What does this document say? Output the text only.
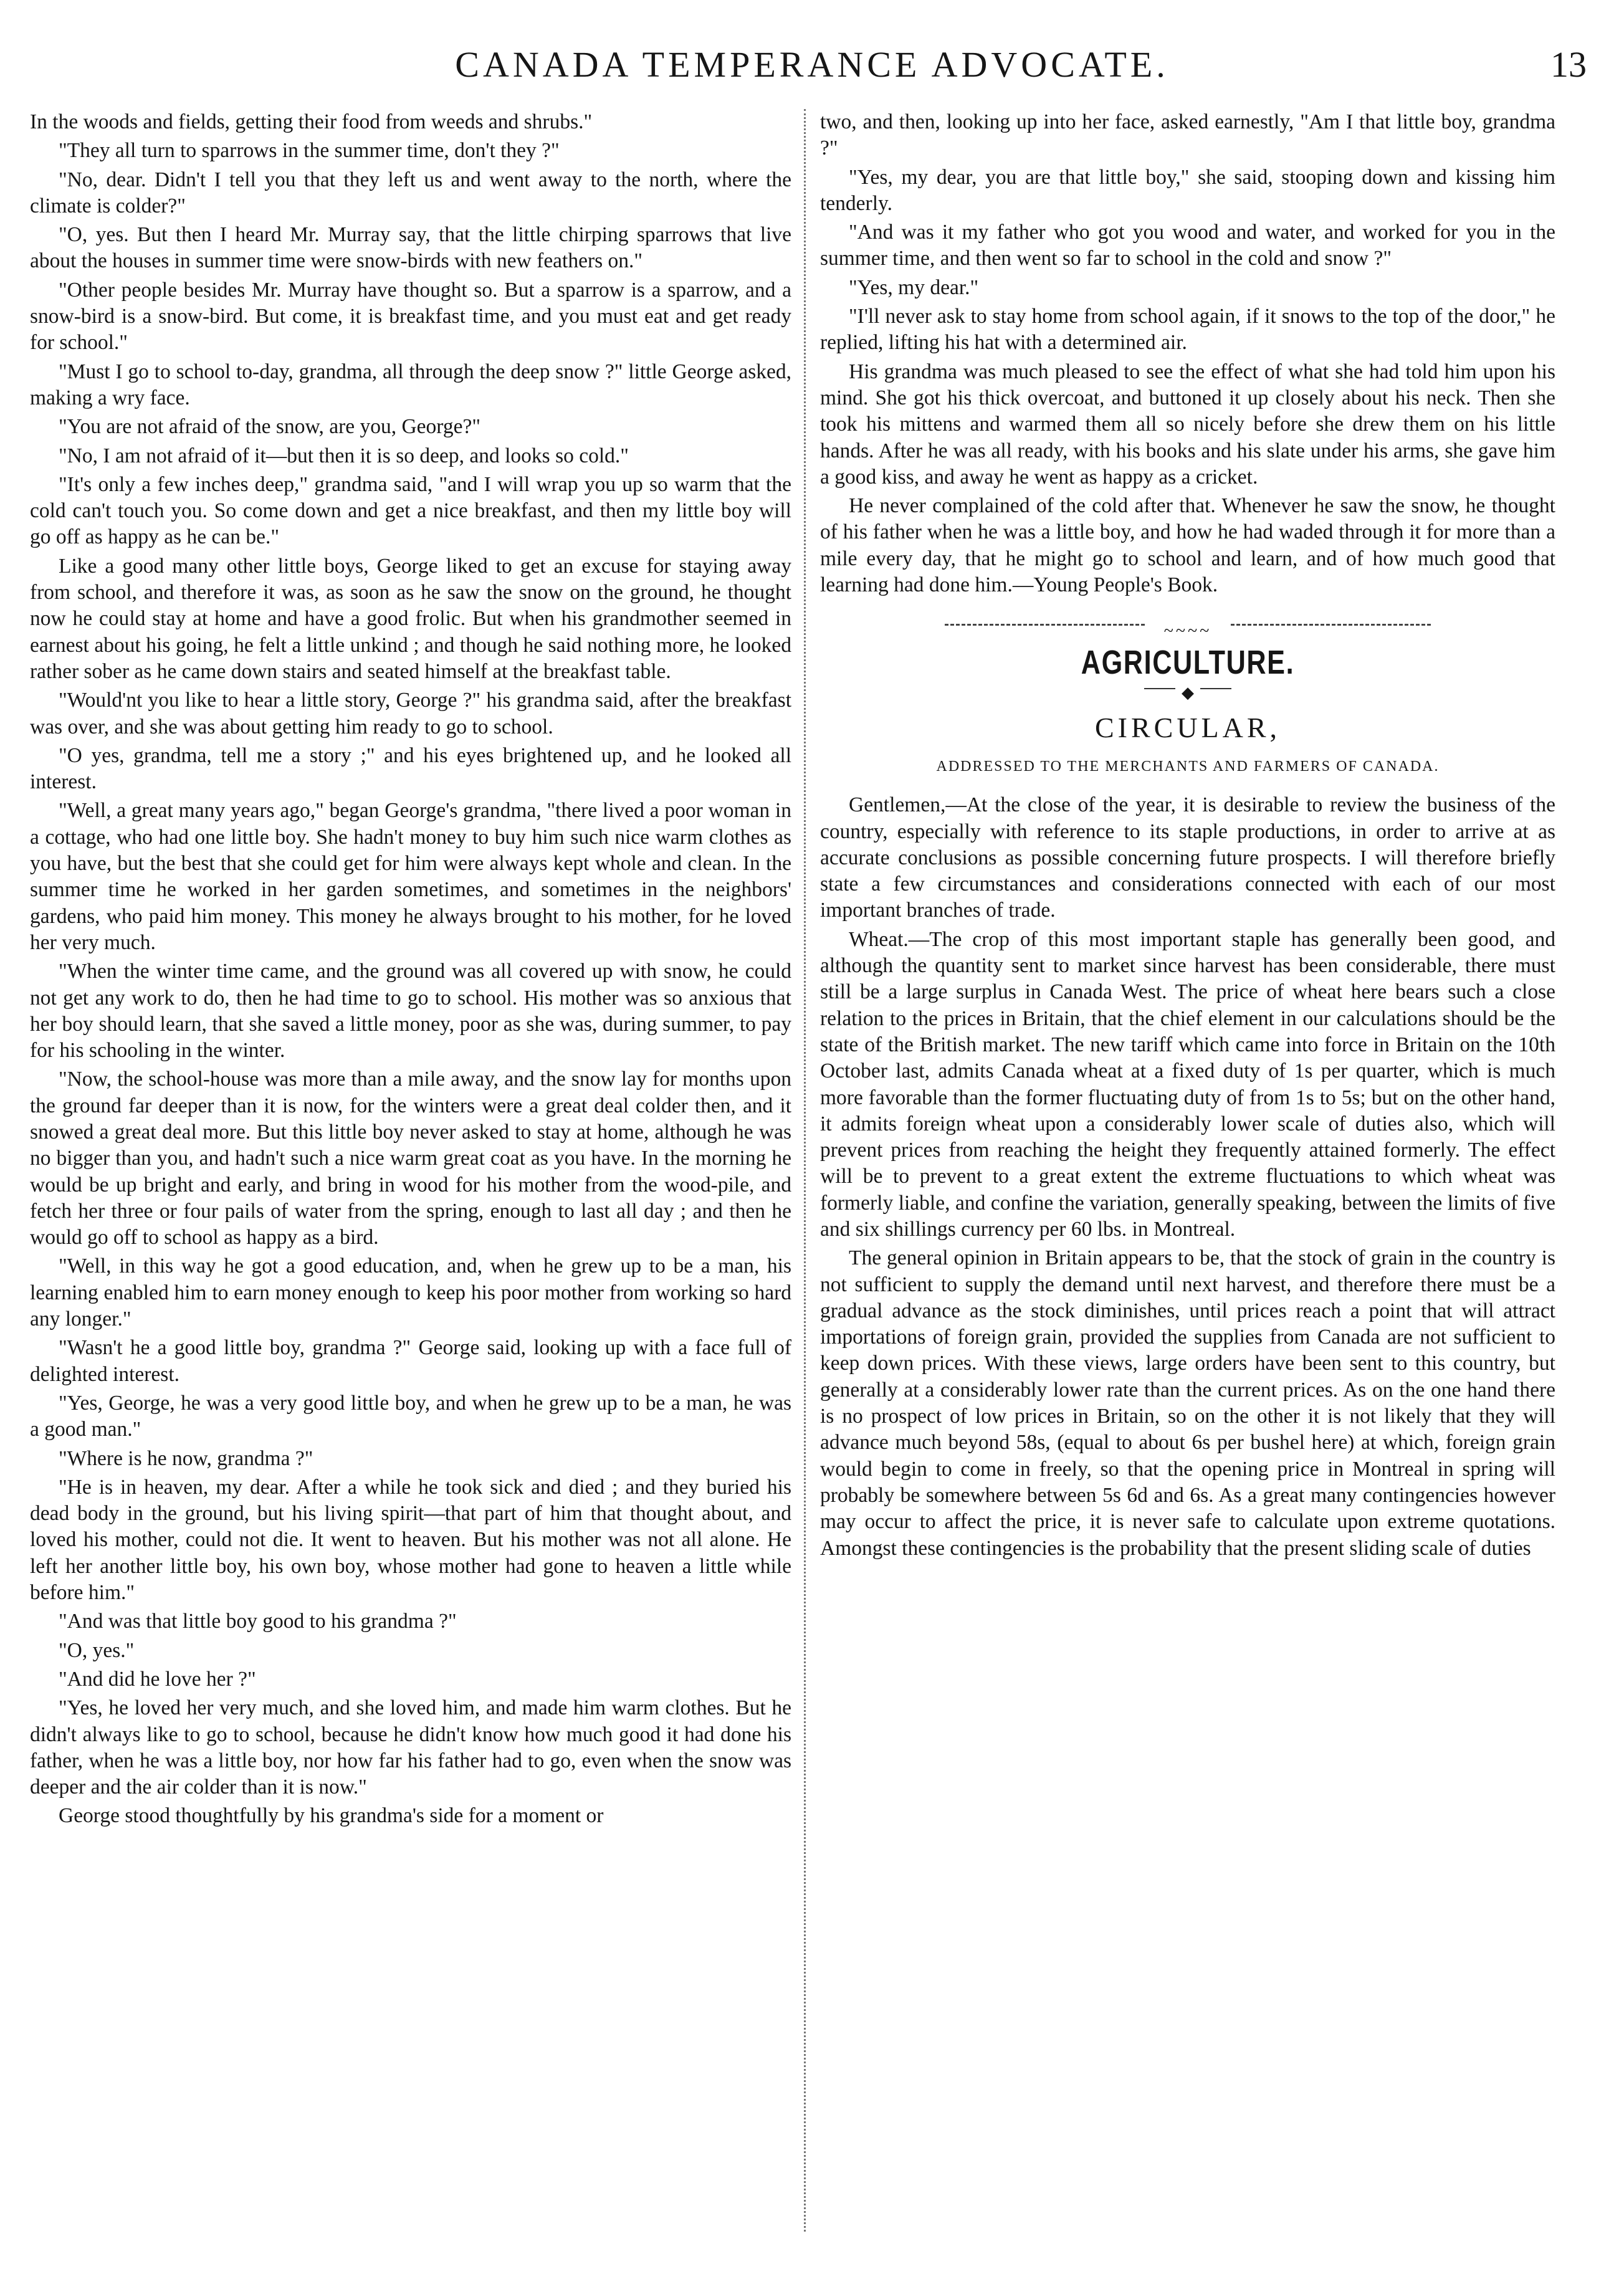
CANADA TEMPERANCE ADVOCATE.	13

In the woods and fields, getting their food from weeds and shrubs."

"They all turn to sparrows in the summer time, don't they ?"

"No, dear. Didn't I tell you that they left us and went away to the north, where the climate is colder?"

"O, yes. But then I heard Mr. Murray say, that the little chirping sparrows that live about the houses in summer time were snow-birds with new feathers on."

"Other people besides Mr. Murray have thought so. But a sparrow is a sparrow, and a snow-bird is a snow-bird. But come, it is breakfast time, and you must eat and get ready for school."

"Must I go to school to-day, grandma, all through the deep snow ?" little George asked, making a wry face.

"You are not afraid of the snow, are you, George?"

"No, I am not afraid of it—but then it is so deep, and looks so cold."

"It's only a few inches deep," grandma said, "and I will wrap you up so warm that the cold can't touch you. So come down and get a nice breakfast, and then my little boy will go off as happy as he can be."

Like a good many other little boys, George liked to get an excuse for staying away from school, and therefore it was, as soon as he saw the snow on the ground, he thought now he could stay at home and have a good frolic. But when his grandmother seemed in earnest about his going, he felt a little unkind ; and though he said nothing more, he looked rather sober as he came down stairs and seated himself at the breakfast table.

"Would'nt you like to hear a little story, George ?" his grandma said, after the breakfast was over, and she was about getting him ready to go to school.

"O yes, grandma, tell me a story ;" and his eyes brightened up, and he looked all interest.

"Well, a great many years ago," began George's grandma, "there lived a poor woman in a cottage, who had one little boy. She hadn't money to buy him such nice warm clothes as you have, but the best that she could get for him were always kept whole and clean. In the summer time he worked in her garden sometimes, and sometimes in the neighbors' gardens, who paid him money. This money he always brought to his mother, for he loved her very much.

"When the winter time came, and the ground was all covered up with snow, he could not get any work to do, then he had time to go to school. His mother was so anxious that her boy should learn, that she saved a little money, poor as she was, during summer, to pay for his schooling in the winter.

"Now, the school-house was more than a mile away, and the snow lay for months upon the ground far deeper than it is now, for the winters were a great deal colder then, and it snowed a great deal more. But this little boy never asked to stay at home, although he was no bigger than you, and hadn't such a nice warm great coat as you have. In the morning he would be up bright and early, and bring in wood for his mother from the wood-pile, and fetch her three or four pails of water from the spring, enough to last all day ; and then he would go off to school as happy as a bird.

"Well, in this way he got a good education, and, when he grew up to be a man, his learning enabled him to earn money enough to keep his poor mother from working so hard any longer."

"Wasn't he a good little boy, grandma ?" George said, looking up with a face full of delighted interest.

"Yes, George, he was a very good little boy, and when he grew up to be a man, he was a good man."

"Where is he now, grandma ?"

"He is in heaven, my dear. After a while he took sick and died ; and they buried his dead body in the ground, but his living spirit—that part of him that thought about, and loved his mother, could not die. It went to heaven. But his mother was not all alone. He left her another little boy, his own boy, whose mother had gone to heaven a little while before him."

"And was that little boy good to his grandma ?"

"O, yes."

"And did he love her ?"

"Yes, he loved her very much, and she loved him, and made him warm clothes. But he didn't always like to go to school, because he didn't know how much good it had done his father, when he was a little boy, nor how far his father had to go, even when the snow was deeper and the air colder than it is now."

George stood thoughtfully by his grandma's side for a moment or

two, and then, looking up into her face, asked earnestly, "Am I that little boy, grandma ?"

"Yes, my dear, you are that little boy," she said, stooping down and kissing him tenderly.

"And was it my father who got you wood and water, and worked for you in the summer time, and then went so far to school in the cold and snow ?"

"Yes, my dear."

"I'll never ask to stay home from school again, if it snows to the top of the door," he replied, lifting his hat with a determined air.

His grandma was much pleased to see the effect of what she had told him upon his mind. She got his thick overcoat, and buttoned it up closely about his neck. Then she took his mittens and warmed them all so nicely before she drew them on his little hands. After he was all ready, with his books and his slate under his arms, she gave him a good kiss, and away he went as happy as a cricket.

He never complained of the cold after that. Whenever he saw the snow, he thought of his father when he was a little boy, and how he had waded through it for more than a mile every day, that he might go to school and learn, and of how much good that learning had done him.—Young People's Book.

~~~~
AGRICULTURE.
◆
CIRCULAR,
ADDRESSED TO THE MERCHANTS AND FARMERS OF CANADA.

Gentlemen,—At the close of the year, it is desirable to review the business of the country, especially with reference to its staple productions, in order to arrive at as accurate conclusions as possible concerning future prospects. I will therefore briefly state a few circumstances and considerations connected with each of our most important branches of trade.

Wheat.—The crop of this most important staple has generally been good, and although the quantity sent to market since harvest has been considerable, there must still be a large surplus in Canada West. The price of wheat here bears such a close relation to the prices in Britain, that the chief element in our calculations should be the state of the British market. The new tariff which came into force in Britain on the 10th October last, admits Canada wheat at a fixed duty of 1s per quarter, which is much more favorable than the former fluctuating duty of from 1s to 5s; but on the other hand, it admits foreign wheat upon a considerably lower scale of duties also, which will prevent prices from reaching the height they frequently attained formerly. The effect will be to prevent to a great extent the extreme fluctuations to which wheat was formerly liable, and confine the variation, generally speaking, between the limits of five and six shillings currency per 60 lbs. in Montreal.

The general opinion in Britain appears to be, that the stock of grain in the country is not sufficient to supply the demand until next harvest, and therefore there must be a gradual advance as the stock diminishes, until prices reach a point that will attract importations of foreign grain, provided the supplies from Canada are not sufficient to keep down prices. With these views, large orders have been sent to this country, but generally at a considerably lower rate than the current prices. As on the one hand there is no prospect of low prices in Britain, so on the other it is not likely that they will advance much beyond 58s, (equal to about 6s per bushel here) at which, foreign grain would begin to come in freely, so that the opening price in Montreal in spring will probably be somewhere between 5s 6d and 6s. As a great many contingencies however may occur to affect the price, it is never safe to calculate upon extreme quotations. Amongst these contingencies is the probability that the present sliding scale of duties
